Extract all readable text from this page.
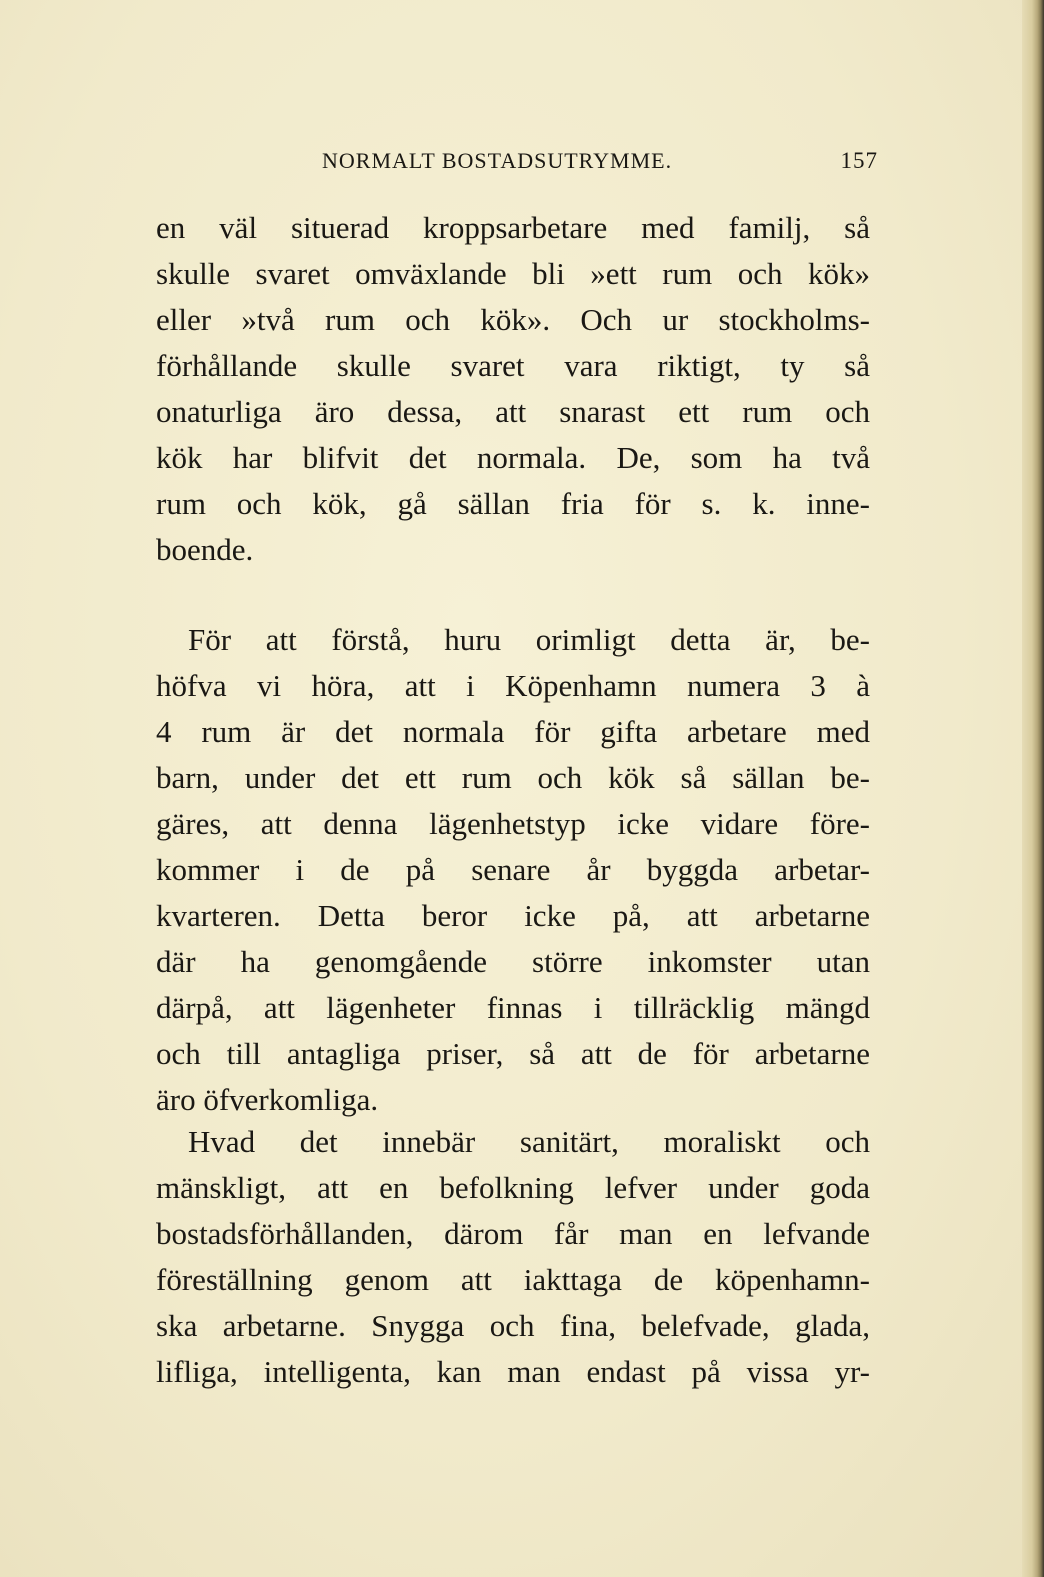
NORMALT BOSTADSUTRYMME.	157
en väl situerad kroppsarbetare med familj, så
skulle svaret omväxlande bli »ett rum och kök»
eller »två rum och kök». Och ur stockholms-
förhållande skulle svaret vara riktigt, ty så
onaturliga äro dessa, att snarast ett rum och
kök har blifvit det normala. De, som ha två
rum och kök, gå sällan fria för s. k. inne-
boende.
För att förstå, huru orimligt detta är, be-
höfva vi höra, att i Köpenhamn numera 3 à
4 rum är det normala för gifta arbetare med
barn, under det ett rum och kök så sällan be-
gäres, att denna lägenhetstyp icke vidare före-
kommer i de på senare år byggda arbetar-
kvarteren. Detta beror icke på, att arbetarne
där ha genomgående större inkomster utan
därpå, att lägenheter finnas i tillräcklig mängd
och till antagliga priser, så att de för arbetarne
äro öfverkomliga.
Hvad det innebär sanitärt, moraliskt och
mänskligt, att en befolkning lefver under goda
bostadsförhållanden, därom får man en lefvande
föreställning genom att iakttaga de köpenhamn-
ska arbetarne. Snygga och fina, belefvade, glada,
lifliga, intelligenta, kan man endast på vissa yr-
